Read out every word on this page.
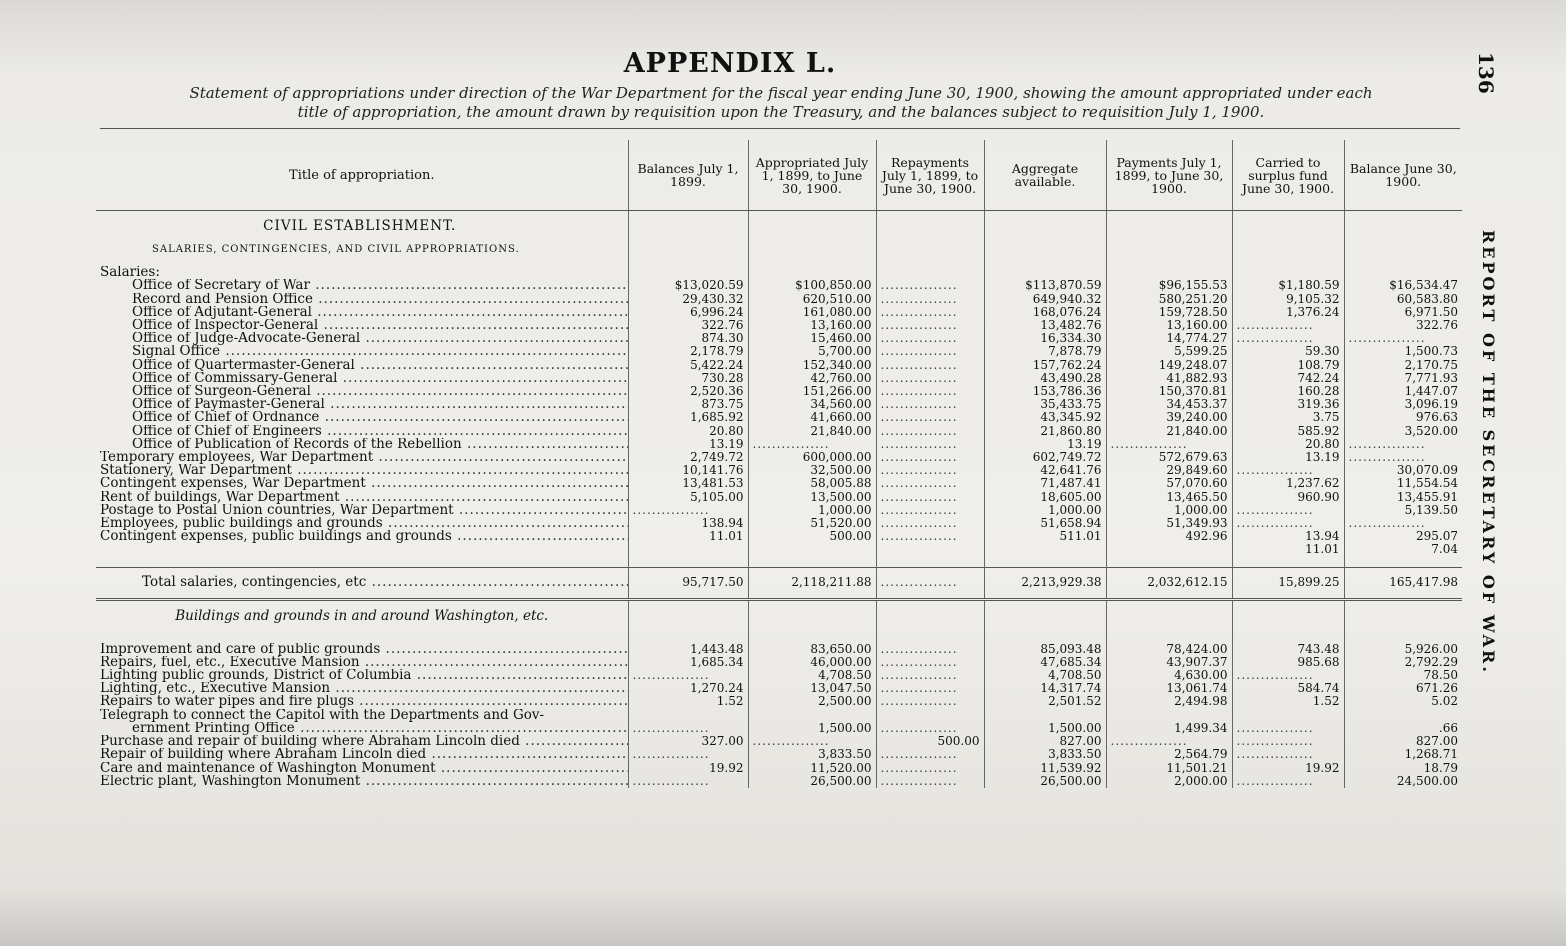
APPENDIX L.
Statement of appropriations under direction of the War Department for the fiscal year ending June 30, 1900, showing the amount appropriated under each
title of appropriation, the amount drawn by requisition upon the Treasury, and the balances subject to requisition July 1, 1900.
136
REPORT OF THE SECRETARY OF WAR.
Title of appropriation.	Balances July 1, 1899.	Appropriated July 1, 1899, to June 30, 1900.	Repayments July 1, 1899, to June 30, 1900.	Aggregate available.	Payments July 1, 1899, to June 30, 1900.	Carried to surplus fund June 30, 1900.	Balance June 30, 1900.
CIVIL ESTABLISHMENT.							
SALARIES, CONTINGENCIES, AND CIVIL APPROPRIATIONS.							

Salaries:							
Office of Secretary of War .....	$13,020.59	$100,850.00	................	$113,870.59	$96,155.53	$1,180.59	$16,534.47
Record and Pension Office .....	29,430.32	620,510.00	................	649,940.32	580,251.20	9,105.32	60,583.80
Office of Adjutant-General .....	6,996.24	161,080.00	................	168,076.24	159,728.50	1,376.24	6,971.50
Office of Inspector-General .....	322.76	13,160.00	................	13,482.76	13,160.00	................	322.76
Office of Judge-Advocate-General .....	874.30	15,460.00	................	16,334.30	14,774.27	................	................
Signal Office .....	2,178.79	5,700.00	................	7,878.79	5,599.25	59.30	1,500.73
Office of Quartermaster-General .....	5,422.24	152,340.00	................	157,762.24	149,248.07	108.79	2,170.75
Office of Commissary-General .....	730.28	42,760.00	................	43,490.28	41,882.93	742.24	7,771.93
Office of Surgeon-General .....	2,520.36	151,266.00	................	153,786.36	150,370.81	160.28	1,447.07
Office of Paymaster-General .....	873.75	34,560.00	................	35,433.75	34,453.37	319.36	3,096.19
Office of Chief of Ordnance .....	1,685.92	41,660.00	................	43,345.92	39,240.00	3.75	976.63
Office of Chief of Engineers .....	20.80	21,840.00	................	21,860.80	21,840.00	585.92	3,520.00
Office of Publication of Records of the Rebellion .....	13.19	................	................	13.19	................	20.80	................
Temporary employees, War Department .....	2,749.72	600,000.00	................	602,749.72	572,679.63	13.19	................
Stationery, War Department .....	10,141.76	32,500.00	................	42,641.76	29,849.60	................	30,070.09
Contingent expenses, War Department .....	13,481.53	58,005.88	................	71,487.41	57,070.60	1,237.62	11,554.54
Rent of buildings, War Department .....	5,105.00	13,500.00	................	18,605.00	13,465.50	960.90	13,455.91
Postage to Postal Union countries, War Department .....	................	1,000.00	................	1,000.00	1,000.00	................	5,139.50
Employees, public buildings and grounds .....	138.94	51,520.00	................	51,658.94	51,349.93	................	................
Contingent expenses, public buildings and grounds .....	11.01	500.00	................	511.01	492.96	13.94	295.07
						11.01	7.04

Total salaries, contingencies, etc .....	95,717.50	2,118,211.88	................	2,213,929.38	2,032,612.15	15,899.25	165,417.98
Buildings and grounds in and around Washington, etc.							

Improvement and care of public grounds .....	1,443.48	83,650.00	................	85,093.48	78,424.00	743.48	5,926.00
Repairs, fuel, etc., Executive Mansion .....	1,685.34	46,000.00	................	47,685.34	43,907.37	985.68	2,792.29
Lighting public grounds, District of Columbia .....	................	4,708.50	................	4,708.50	4,630.00	................	78.50
Lighting, etc., Executive Mansion .....	1,270.24	13,047.50	................	14,317.74	13,061.74	584.74	671.26
Repairs to water pipes and fire plugs .....	1.52	2,500.00	................	2,501.52	2,494.98	1.52	5.02
Telegraph to connect the Capitol with the Departments and Gov-							
ernment Printing Office .....	................	1,500.00	................	1,500.00	1,499.34	................	.66
Purchase and repair of building where Abraham Lincoln died .....	327.00	................	500.00	827.00	................	................	827.00
Repair of building where Abraham Lincoln died .....	................	3,833.50	................	3,833.50	2,564.79	................	1,268.71
Care and maintenance of Washington Monument .....	19.92	11,520.00	................	11,539.92	11,501.21	19.92	18.79
Electric plant, Washington Monument .....	................	26,500.00	................	26,500.00	2,000.00	................	24,500.00
